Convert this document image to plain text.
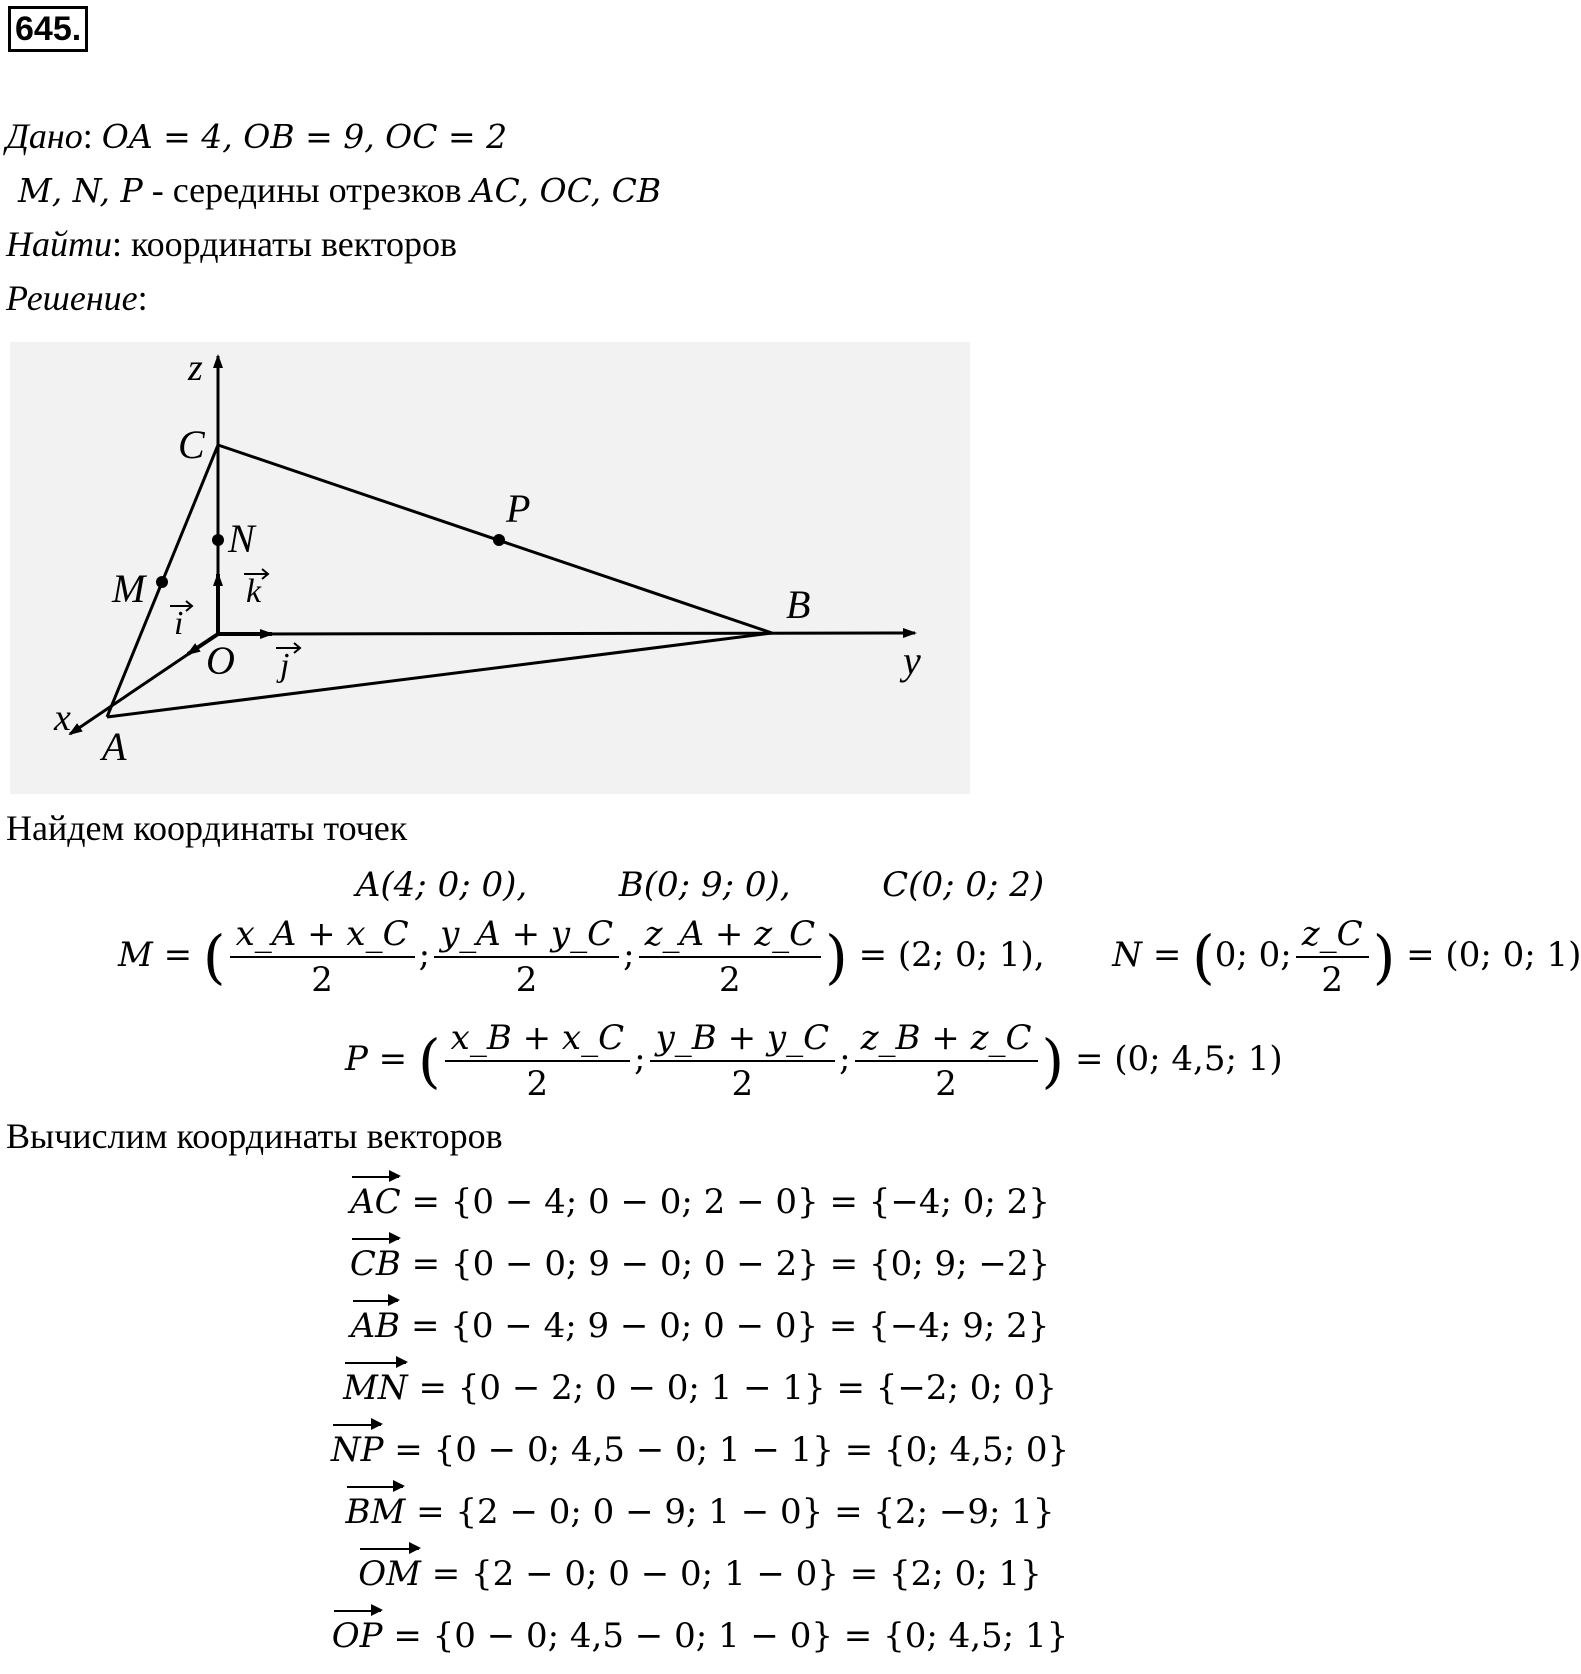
645.
Дано: OA = 4, OB = 9, OC = 2
M, N, P - середины отрезков AC, OC, CB
Найти: координаты векторов
Решение:
z
C
N
P
M	B
y
O
A
x
k
i
j
Найдем координаты точек
A(4; 0; 0),	B(0; 9; 0),	C(0; 0; 2)
M = ( $\frac{x\_A + x\_C}{2}$ ; $\frac{y\_A + y\_C}{2}$ ; $\frac{z\_A + z\_C}{2}$ ) = (2; 0; 1), N = (0; 0; $\frac{z\_C}{2}$ ) = (0; 0; 1)
P = ( $\frac{x\_B + x\_C}{2}$ ; $\frac{y\_B + y\_C}{2}$ ; $\frac{z\_B + z\_C}{2}$ ) = (0; 4,5; 1)
Вычислим координаты векторов
AC = {0 − 4; 0 − 0; 2 − 0} = {−4; 0; 2}
CB = {0 − 0; 9 − 0; 0 − 2} = {0; 9; −2}
AB = {0 − 4; 9 − 0; 0 − 0} = {−4; 9; 2}
MN = {0 − 2; 0 − 0; 1 − 1} = {−2; 0; 0}
NP = {0 − 0; 4,5 − 0; 1 − 1} = {0; 4,5; 0}
BM = {2 − 0; 0 − 9; 1 − 0} = {2; −9; 1}
OM = {2 − 0; 0 − 0; 1 − 0} = {2; 0; 1}
OP = {0 − 0; 4,5 − 0; 1 − 0} = {0; 4,5; 1}
